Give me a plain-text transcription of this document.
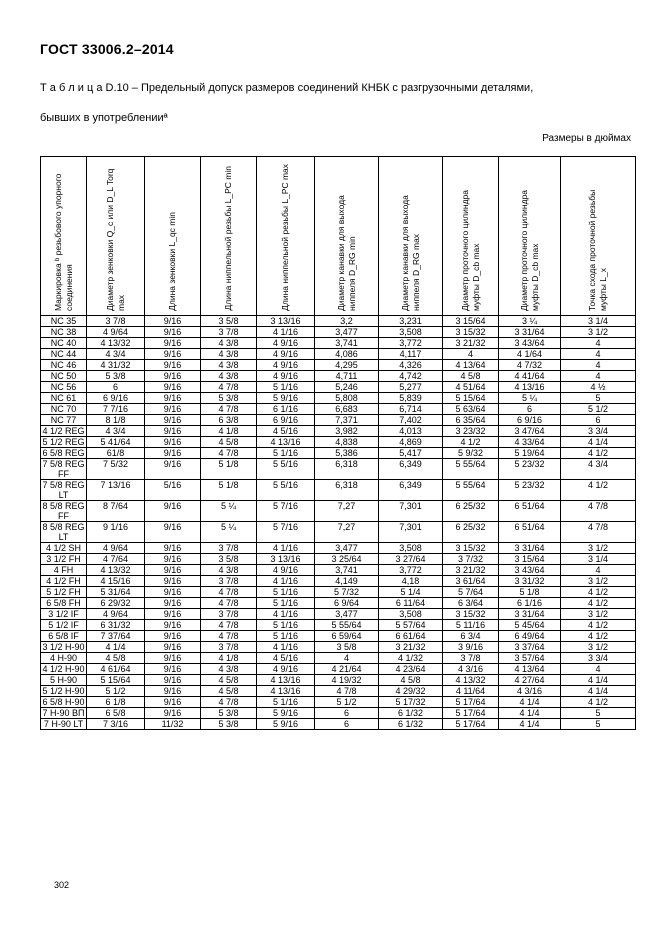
ГОСТ 33006.2–2014
Т а б л и ц а D.10 – Предельный допуск размеров соединений КНБК с разгрузочными деталями,
бывших в употребленииª
Размеры в дюймах
Маркировка ᵇ резьбового упорного соединения	Диаметр зенковки Q_c или D_L Torq max	Длина зенковки L_qc min	Длина ниппельной резьбы L_PC min	Длина ниппельной резьбы L_PC max	Диаметр канавки для выхода ниппеля D_RG min	Диаметр канавки для выхода ниппеля D_RG max	Диаметр проточного цилиндра муфты D_cb max	Диаметр проточного цилиндра муфты D_cb max	Точка схода проточной резьбы муфты L_x

NC 35	3 7/8	9/16	3 5/8	3 13/16	3,2	3,231	3 15/64	3 ¼	3 1/4
NC 38	4 9/64	9/16	3 7/8	4 1/16	3,477	3,508	3 15/32	3 31/64	3 1/2
NC 40	4 13/32	9/16	4 3/8	4 9/16	3,741	3,772	3 21/32	3 43/64	4
NC 44	4 3/4	9/16	4 3/8	4 9/16	4,086	4,117	4	4 1/64	4
NC 46	4 31/32	9/16	4 3/8	4 9/16	4,295	4,326	4 13/64	4 7/32	4
NC 50	5 3/8	9/16	4 3/8	4 9/16	4,711	4,742	4 5/8	4 41/64	4
NC 56	6	9/16	4 7/8	5 1/16	5,246	5,277	4 51/64	4 13/16	4 ½
NC 61	6 9/16	9/16	5 3/8	5 9/16	5,808	5,839	5 15/64	5 ¼	5
NC 70	7 7/16	9/16	4 7/8	6 1/16	6,683	6,714	5 63/64	6	5 1/2
NC 77	8 1/8	9/16	6 3/8	6 9/16	7,371	7,402	6 35/64	6 9/16	6
4 1/2 REG	4 3/4	9/16	4 1/8	4 5/16	3,982	4,013	3 23/32	3 47/64	3 3/4
5 1/2 REG	5 41/64	9/16	4 5/8	4 13/16	4,838	4,869	4 1/2	4 33/64	4 1/4
6 5/8 REG	61/8	9/16	4 7/8	5 1/16	5,386	5,417	5 9/32	5 19/64	4 1/2
7 5/8 REG FF	7 5/32	9/16	5 1/8	5 5/16	6,318	6,349	5 55/64	5 23/32	4 3/4
7 5/8 REG LT	7 13/16	5/16	5 1/8	5 5/16	6,318	6,349	5 55/64	5 23/32	4 1/2
8 5/8 REG FF	8 7/64	9/16	5 ¼	5 7/16	7,27	7,301	6 25/32	6 51/64	4 7/8
8 5/8 REG LT	9 1/16	9/16	5 ¼	5 7/16	7,27	7,301	6 25/32	6 51/64	4 7/8
4 1/2 SH	4 9/64	9/16	3 7/8	4 1/16	3,477	3,508	3 15/32	3 31/64	3 1/2
3 1/2 FH	4 7/64	9/16	3 5/8	3 13/16	3 25/64	3 27/64	3 7/32	3 15/64	3 1/4
4 FH	4 13/32	9/16	4 3/8	4 9/16	3,741	3,772	3 21/32	3 43/64	4
4 1/2 FH	4 15/16	9/16	3 7/8	4 1/16	4,149	4,18	3 61/64	3 31/32	3 1/2
5 1/2 FH	5 31/64	9/16	4 7/8	5 1/16	5 7/32	5 1/4	5 7/64	5 1/8	4 1/2
6 5/8 FH	6 29/32	9/16	4 7/8	5 1/16	6 9/64	6 11/64	6 3/64	6 1/16	4 1/2
3 1/2 IF	4 9/64	9/16	3 7/8	4 1/16	3,477	3,508	3 15/32	3 31/64	3 1/2
5 1/2 IF	6 31/32	9/16	4 7/8	5 1/16	5 55/64	5 57/64	5 11/16	5 45/64	4 1/2
6 5/8 IF	7 37/64	9/16	4 7/8	5 1/16	6 59/64	6 61/64	6 3/4	6 49/64	4 1/2
3 1/2 H-90	4 1/4	9/16	3 7/8	4 1/16	3 5/8	3 21/32	3 9/16	3 37/64	3 1/2
4 H-90	4 5/8	9/16	4 1/8	4 5/16	4	4 1/32	3 7/8	3 57/64	3 3/4
4 1/2 H-90	4 61/64	9/16	4 3/8	4 9/16	4 21/64	4 23/64	4 3/16	4 13/64	4
5 H-90	5 15/64	9/16	4 5/8	4 13/16	4 19/32	4 5/8	4 13/32	4 27/64	4 1/4
5 1/2 H-90	5 1/2	9/16	4 5/8	4 13/16	4 7/8	4 29/32	4 11/64	4 3/16	4 1/4
6 5/8 H-90	6 1/8	9/16	4 7/8	5 1/16	5 1/2	5 17/32	5 17/64	4 1/4	4 1/2
7 H-90 ВП	6 5/8	9/16	5 3/8	5 9/16	6	6 1/32	5 17/64	4 1/4	5
7 H-90 LT	7 3/16	11/32	5 3/8	5 9/16	6	6 1/32	5 17/64	4 1/4	5
302
